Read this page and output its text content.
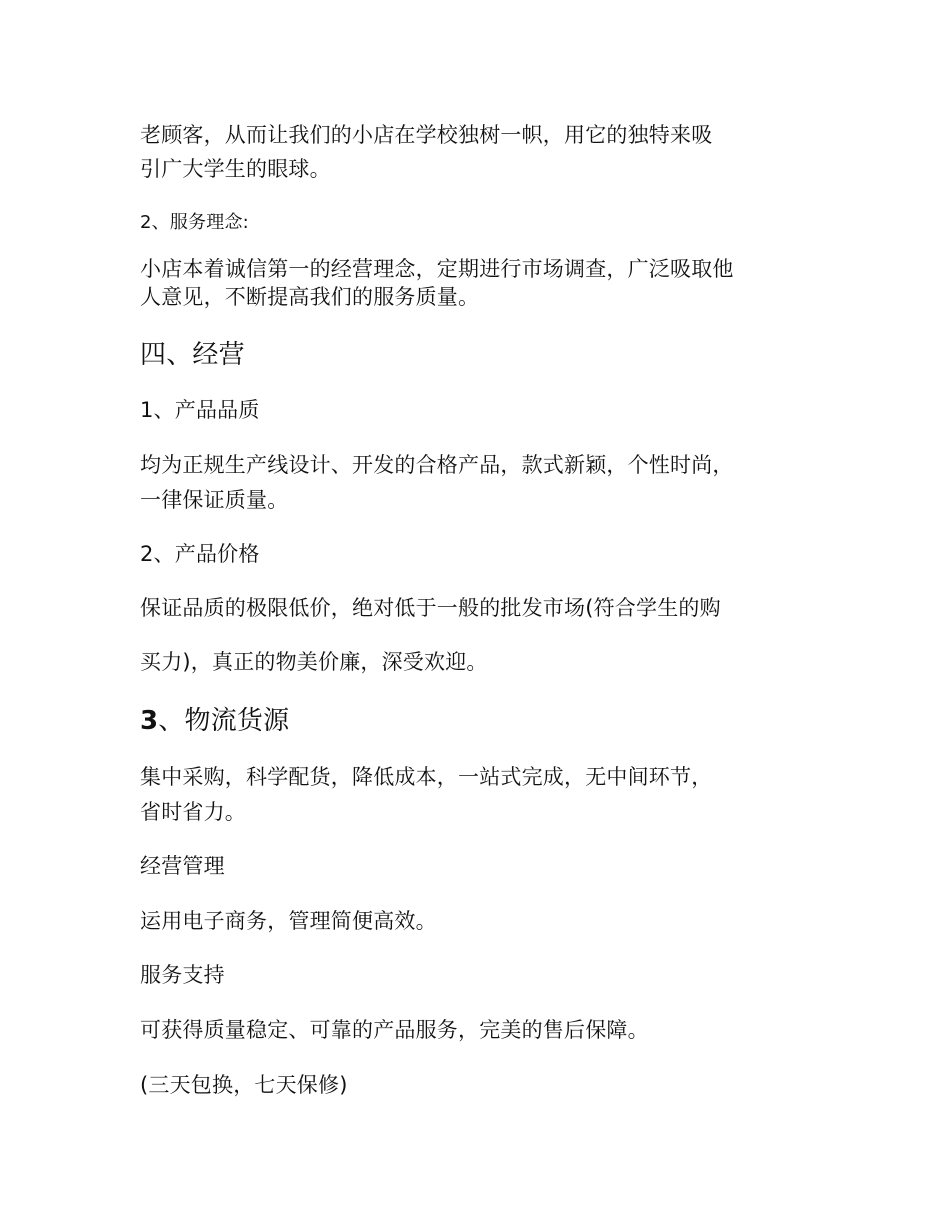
老顾客，从而让我们的小店在学校独树一帜，用它的独特来吸
引广大学生的眼球。
2、服务理念:
小店本着诚信第一的经营理念，定期进行市场调查，广泛吸取他
人意见，不断提高我们的服务质量。
四、经营
1、产品品质
均为正规生产线设计、开发的合格产品，款式新颖，个性时尚，
一律保证质量。
2、产品价格
保证品质的极限低价，绝对低于一般的批发市场(符合学生的购
买力)，真正的物美价廉，深受欢迎。
3、物流货源
集中采购，科学配货，降低成本，一站式完成，无中间环节，
省时省力。
经营管理
运用电子商务，管理简便高效。
服务支持
可获得质量稳定、可靠的产品服务，完美的售后保障。
(三天包换，七天保修)
